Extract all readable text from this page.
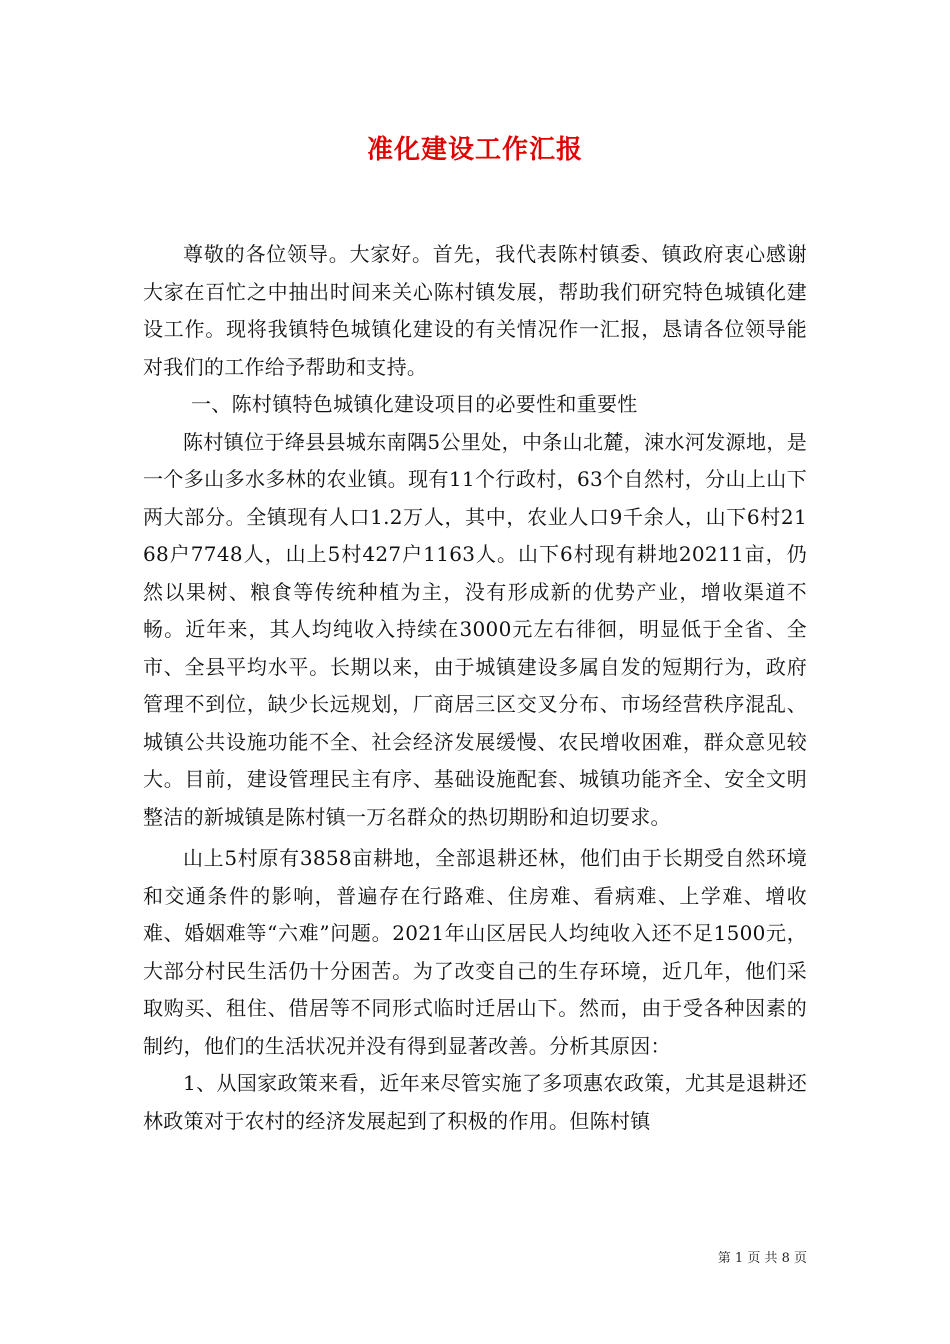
准化建设工作汇报

尊敬的各位领导。大家好。首先，我代表陈村镇委、镇政府衷心感谢大家在百忙之中抽出时间来关心陈村镇发展，帮助我们研究特色城镇化建设工作。现将我镇特色城镇化建设的有关情况作一汇报，恳请各位领导能对我们的工作给予帮助和支持。

一、陈村镇特色城镇化建设项目的必要性和重要性

陈村镇位于绛县县城东南隅5公里处，中条山北麓，涑水河发源地，是一个多山多水多林的农业镇。现有11个行政村，63个自然村，分山上山下两大部分。全镇现有人口1.2万人，其中，农业人口9千余人，山下6村2168户7748人，山上5村427户1163人。山下6村现有耕地20211亩，仍然以果树、粮食等传统种植为主，没有形成新的优势产业，增收渠道不畅。近年来，其人均纯收入持续在3000元左右徘徊，明显低于全省、全市、全县平均水平。长期以来，由于城镇建设多属自发的短期行为，政府管理不到位，缺少长远规划，厂商居三区交叉分布、市场经营秩序混乱、城镇公共设施功能不全、社会经济发展缓慢、农民增收困难，群众意见较大。目前，建设管理民主有序、基础设施配套、城镇功能齐全、安全文明整洁的新城镇是陈村镇一万名群众的热切期盼和迫切要求。

山上5村原有3858亩耕地，全部退耕还林，他们由于长期受自然环境和交通条件的影响，普遍存在行路难、住房难、看病难、上学难、增收难、婚姻难等“六难”问题。2021年山区居民人均纯收入还不足1500元，大部分村民生活仍十分困苦。为了改变自己的生存环境，近几年，他们采取购买、租住、借居等不同形式临时迁居山下。然而，由于受各种因素的制约，他们的生活状况并没有得到显著改善。分析其原因：

1、从国家政策来看，近年来尽管实施了多项惠农政策，尤其是退耕还林政策对于农村的经济发展起到了积极的作用。但陈村镇

第 1 页 共 8 页
